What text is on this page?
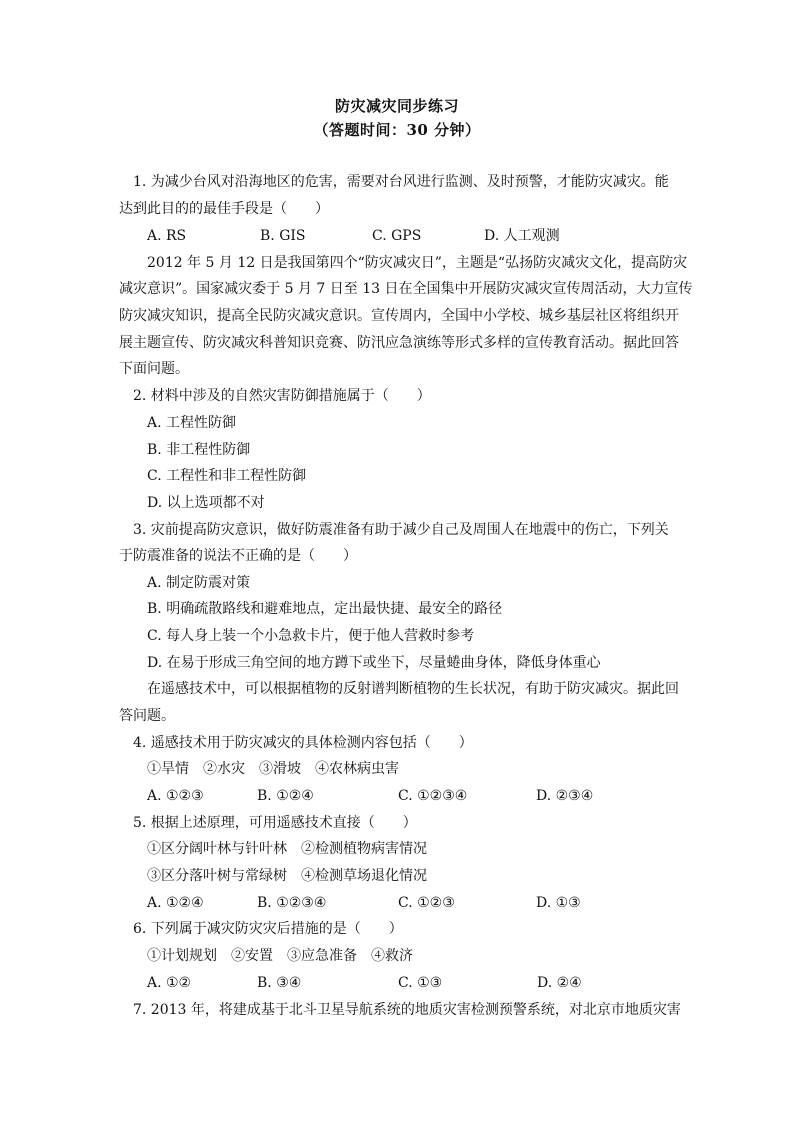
防灾减灾同步练习
（答题时间：30 分钟）
1. 为减少台风对沿海地区的危害，需要对台风进行监测、及时预警，才能防灾减灾。能
达到此目的的最佳手段是（　　）
A. RS	B. GIS	C. GPS	D. 人工观测
2012 年 5 月 12 日是我国第四个“防灾减灾日”，主题是“弘扬防灾减灾文化，提高防灾
减灾意识”。国家减灾委于 5 月 7 日至 13 日在全国集中开展防灾减灾宣传周活动，大力宣传
防灾减灾知识，提高全民防灾减灾意识。宣传周内，全国中小学校、城乡基层社区将组织开
展主题宣传、防灾减灾科普知识竞赛、防汛应急演练等形式多样的宣传教育活动。据此回答
下面问题。
2. 材料中涉及的自然灾害防御措施属于（　　）
A. 工程性防御
B. 非工程性防御
C. 工程性和非工程性防御
D. 以上选项都不对
3. 灾前提高防灾意识，做好防震准备有助于减少自己及周围人在地震中的伤亡，下列关
于防震准备的说法不正确的是（　　）
A. 制定防震对策
B. 明确疏散路线和避难地点，定出最快捷、最安全的路径
C. 每人身上装一个小急救卡片，便于他人营救时参考
D. 在易于形成三角空间的地方蹲下或坐下，尽量蜷曲身体，降低身体重心
在遥感技术中，可以根据植物的反射谱判断植物的生长状况，有助于防灾减灾。据此回
答问题。
4. 遥感技术用于防灾减灾的具体检测内容包括（　　）
①旱情　②水灾　③滑坡　④农林病虫害
A. ①②③	B. ①②④	C. ①②③④	D. ②③④
5. 根据上述原理，可用遥感技术直接（　　）
①区分阔叶林与针叶林　②检测植物病害情况
③区分落叶树与常绿树　④检测草场退化情况
A. ①②④	B. ①②③④	C. ①②③	D. ①③
6. 下列属于减灾防灾灾后措施的是（　　）
①计划规划　②安置　③应急准备　④救济
A. ①②	B. ③④	C. ①③	D. ②④
7. 2013 年，将建成基于北斗卫星导航系统的地质灾害检测预警系统，对北京市地质灾害
